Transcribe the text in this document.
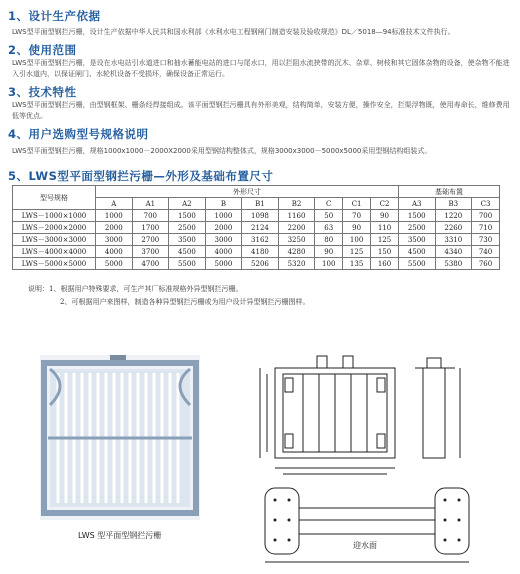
1、设计生产依据
LWS型平面型钢拦污栅，设计生产依据中华人民共和国水利部《水利水电工程钢闸门制造安装及验收规范》DL／5018—94标准技术文件执行。
2、使用范围
LWS型平面型钢拦污栅，是设在水电站引水道进口和抽水蓄能电站的进口与尾水口，用以拦阻水流挟带的沉木、杂草、树枝和其它固体杂物的设备，使杂物不能进入引水道内，以保证闸门、水轮机设备不受损坏，确保设备正常运行。
3、技术特性
LWS型平面型钢拦污栅，由型钢框架、栅条经焊接组成。该平面型钢拦污栅具有外形美观，结构简单，安装方便，操作安全，拦渠浮物既，使用寿命长，维修费用低等优点。
4、用户选购型号规格说明
LWS型平面型钢拦污栅，规格1000x1000－2000X2000采用型钢结构整体式，规格3000x3000－5000x5000采用型钢结构组装式。
5、LWS型平面型钢拦污栅—外形及基础布置尺寸
型号规格	外形尺寸									基础布置		
	A	A1	A2	B	B1	B2	C	C1	C2	A3	B3	C3
LWS－1000×1000	1000	700	1500	1000	1098	1160	50	70	90	1500	1220	700
LWS－2000×2000	2000	1700	2500	2000	2124	2200	63	90	110	2500	2260	710
LWS－3000×3000	3000	2700	3500	3000	3162	3250	80	100	125	3500	3310	730
LWS－4000×4000	4000	3700	4500	4000	4180	4280	90	125	150	4500	4340	740
LWS－5000×5000	5000	4700	5500	5000	5206	5320	100	135	160	5500	5380	760
说明：1、根据用户特殊要求，可生产其厂标准规格外异型钢拦污栅。
2、可根据用户来图样，制造各种异型钢拦污栅或为用户设计异型钢拦污栅图样。
LWS 型平面型钢拦污栅
迎水面
